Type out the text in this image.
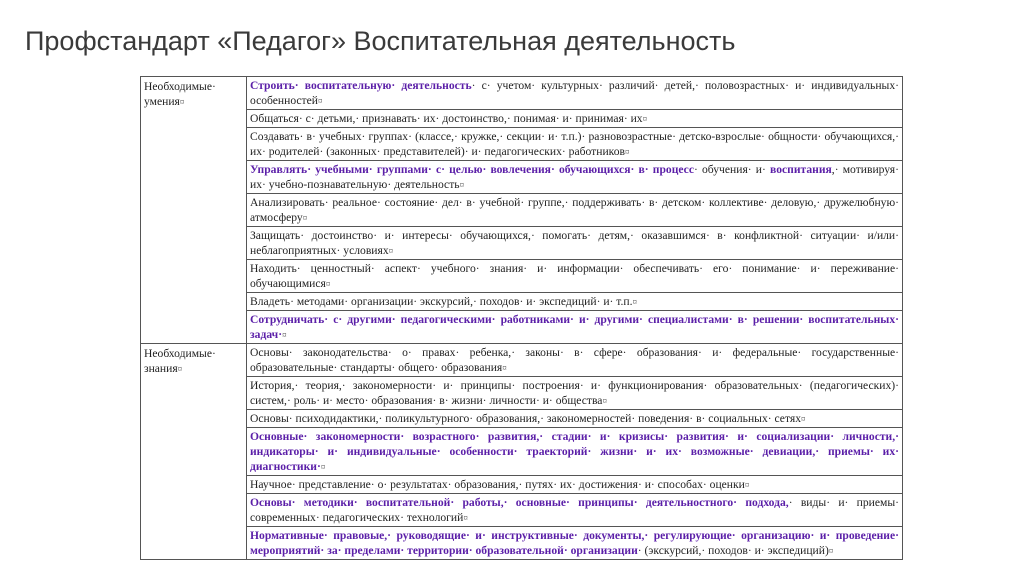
Профстандарт «Педагог» Воспитательная деятельность
Необходимые· умения¤	Строить· воспитательную· деятельность· с· учетом· культурных· различий· детей,· половозрастных· и· индивидуальных· особенностей¤
	Общаться· с· детьми,· признавать· их· достоинство,· понимая· и· принимая· их¤
	Создавать· в· учебных· группах· (классе,· кружке,· секции· и· т.п.)· разновозрастные· детско-взрослые· общности· обучающихся,· их· родителей· (законных· представителей)· и· педагогических· работников¤
	Управлять· учебными· группами· с· целью· вовлечения· обучающихся· в· процесс· обучения· и· воспитания,· мотивируя· их· учебно-познавательную· деятельность¤
	Анализировать· реальное· состояние· дел· в· учебной· группе,· поддерживать· в· детском· коллективе· деловую,· дружелюбную· атмосферу¤
	Защищать· достоинство· и· интересы· обучающихся,· помогать· детям,· оказавшимся· в· конфликтной· ситуации· и/или· неблагоприятных· условиях¤
	Находить· ценностный· аспект· учебного· знания· и· информации· обеспечивать· его· понимание· и· переживание· обучающимися¤
	Владеть· методами· организации· экскурсий,· походов· и· экспедиций· и· т.п.¤
	Сотрудничать· с· другими· педагогическими· работниками· и· другими· специалистами· в· решении· воспитательных· задач·¤
Необходимые· знания¤	Основы· законодательства· о· правах· ребенка,· законы· в· сфере· образования· и· федеральные· государственные· образовательные· стандарты· общего· образования¤
	История,· теория,· закономерности· и· принципы· построения· и· функционирования· образовательных· (педагогических)· систем,· роль· и· место· образования· в· жизни· личности· и· общества¤
	Основы· психодидактики,· поликультурного· образования,· закономерностей· поведения· в· социальных· сетях¤
	Основные· закономерности· возрастного· развития,· стадии· и· кризисы· развития· и· социализации· личности,· индикаторы· и· индивидуальные· особенности· траекторий· жизни· и· их· возможные· девиации,· приемы· их· диагностики·¤
	Научное· представление· о· результатах· образования,· путях· их· достижения· и· способах· оценки¤
	Основы· методики· воспитательной· работы,· основные· принципы· деятельностного· подхода,· виды· и· приемы· современных· педагогических· технологий¤
	Нормативные· правовые,· руководящие· и· инструктивные· документы,· регулирующие· организацию· и· проведение· мероприятий· за· пределами· территории· образовательной· организации· (экскурсий,· походов· и· экспедиций)¤
